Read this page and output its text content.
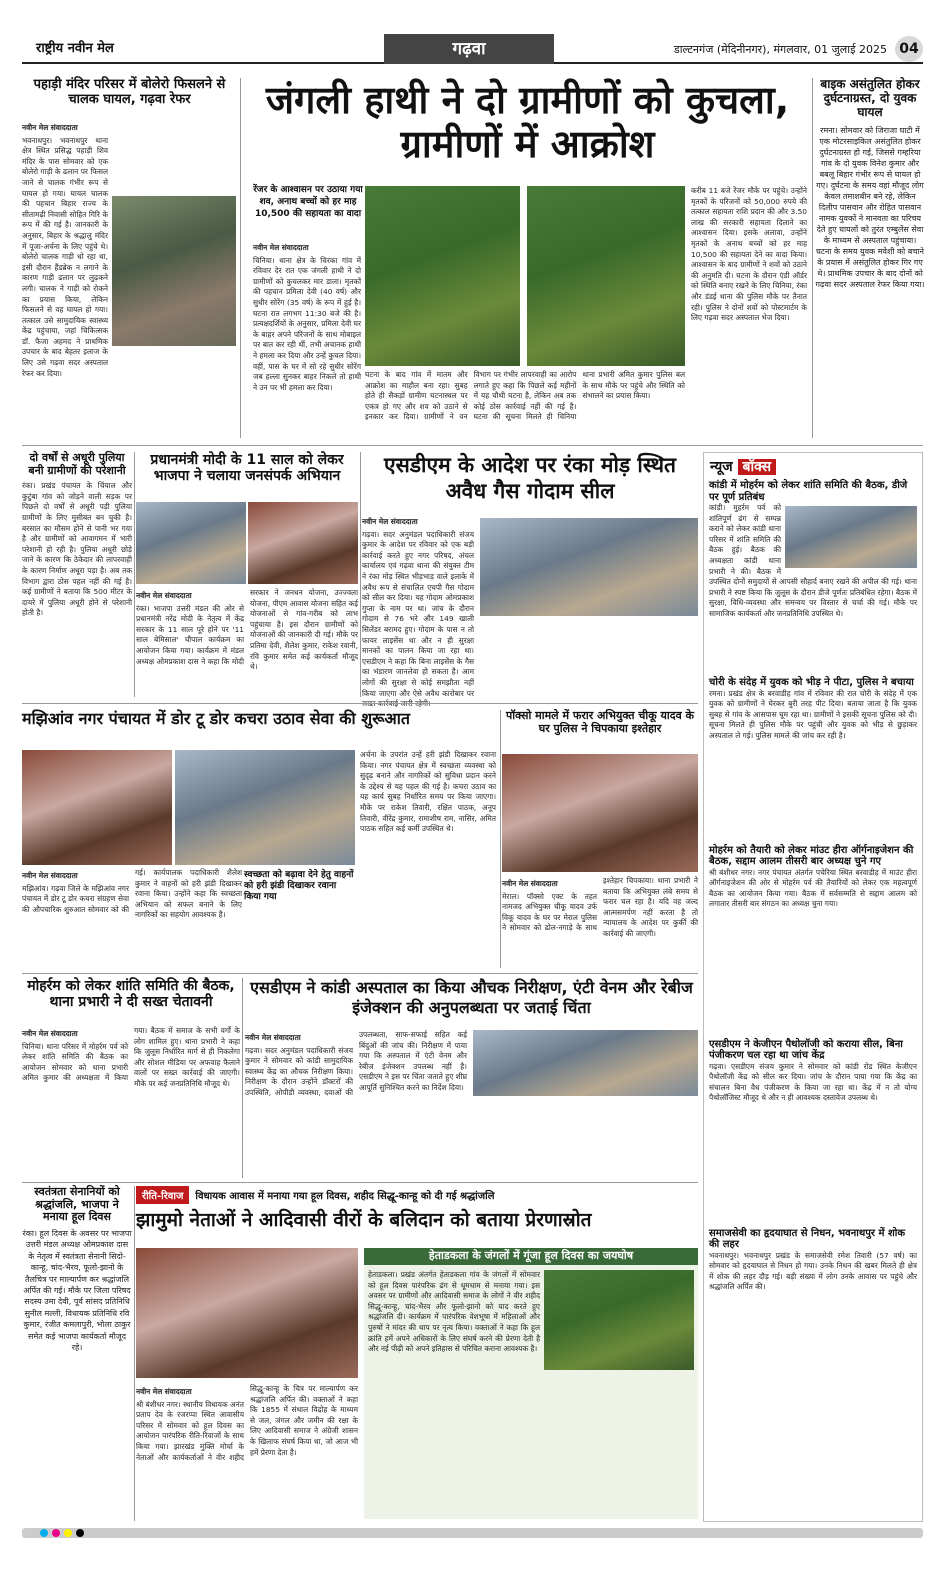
राष्ट्रीय नवीन मेल	गढ़वा	डाल्टनगंज (मेदिनीनगर), मंगलवार, 01 जुलाई 2025 04
पहाड़ी मंदिर परिसर में बोलेरो फिसलने से चालक घायल, गढ़वा रेफर
नवीन मेल संवाददाता
भवनाथपुर। भवनाथपुर थाना क्षेत्र स्थित प्रसिद्ध पहाड़ी शिव मंदिर के पास सोमवार को एक बोलेरो गाड़ी के ढलान पर फिसल जाने से चालक गंभीर रूप से घायल हो गया। घायल चालक की पहचान बिहार राज्य के सीतामढ़ी निवासी सोहित गिरि के रूप में की गई है। जानकारी के अनुसार, बिहार के श्रद्धालु मंदिर में पूजा-अर्चना के लिए पहुंचे थे। बोलेरो चालक गाड़ी धो रहा था, इसी दौरान हैंडब्रेक न लगाने के कारण गाड़ी ढलान पर लुढ़कने लगी। चालक ने गाड़ी को रोकने का प्रयास किया, लेकिन फिसलने से वह घायल हो गया। तत्काल उसे सामुदायिक स्वास्थ्य केंद्र पहुंचाया, जहां चिकित्सक डॉ. फैजा अहमद ने प्राथमिक उपचार के बाद बेहतर इलाज के लिए उसे गढ़वा सदर अस्पताल रेफर कर दिया।
जंगली हाथी ने दो ग्रामीणों को कुचला, ग्रामीणों में आक्रोश
रेंजर के आश्वासन पर उठाया गया शव, अनाथ बच्चों को हर माह 10,500 की सहायता का वादा
नवीन मेल संवाददाता
चिनिया। थाना क्षेत्र के चिरका गांव में रविवार देर रात एक जंगली हाथी ने दो ग्रामीणों को कुचलकर मार डाला। मृतकों की पहचान प्रमिला देवी (40 वर्ष) और सुधीर सोरेंग (35 वर्ष) के रूप में हुई है। घटना रात लगभग 11:30 बजे की है। प्रत्यक्षदर्शियों के अनुसार, प्रमिला देवी घर के बाहर अपने परिजनों के साथ मोबाइल पर बात कर रही थीं, तभी अचानक हाथी ने हमला कर दिया और उन्हें कुचल दिया। वहीं, पास के घर में सो रहे सुधीर सोरेंग जब हल्ला सुनकर बाहर निकले तो हाथी ने उन पर भी हमला कर दिया।
घटना के बाद गांव में मातम और आक्रोश का माहौल बना रहा। सुबह होते ही सैकड़ों ग्रामीण घटनास्थल पर एकत्र हो गए और शव को उठाने से इनकार कर दिया। ग्रामीणों ने वन विभाग पर गंभीर लापरवाही का आरोप लगाते हुए कहा कि पिछले कई महीनों में यह चौथी घटना है, लेकिन अब तक कोई ठोस कार्रवाई नहीं की गई है। घटना की सूचना मिलते ही चिनिया थाना प्रभारी अमित कुमार पुलिस बल के साथ मौके पर पहुंचे और स्थिति को संभालने का प्रयास किया।
करीब 11 बजे रेंजर मौके पर पहुंचे। उन्होंने मृतकों के परिजनों को 50,000 रुपये की तत्काल सहायता राशि प्रदान की और 3.50 लाख की सरकारी सहायता दिलाने का आश्वासन दिया। इसके अलावा, उन्होंने मृतकों के अनाथ बच्चों को हर माह 10,500 की सहायता देने का वादा किया। आश्वासन के बाद ग्रामीणों ने शवों को उठाने की अनुमति दी। घटना के दौरान एंडी ऑर्डर को स्थिति बनाए रखने के लिए चिनिया, रंका और डंडई थाना की पुलिस मौके पर तैनात रही। पुलिस ने दोनों शवों को पोस्टमार्टम के लिए गढ़वा सदर अस्पताल भेज दिया।
बाइक असंतुलित होकर दुर्घटनाग्रस्त, दो युवक घायल
रमना। सोमवार को जिराजा घाटी में एक मोटरसाइकिल असंतुलित होकर दुर्घटनाग्रस्त हो गई, जिससे गम्हरिया गांव के दो युवक विनेश कुमार और बबलू बिहार गंभीर रूप से घायल हो गए। दुर्घटना के समय वहां मौजूद लोग केवल तमाशबीन बने रहे, लेकिन दिलीप पासवान और रोहित पासवान नामक युवकों ने मानवता का परिचय देते हुए घायलों को तुरंत एम्बुलेंस सेवा के माध्यम से अस्पताल पहुंचाया। घटना के समय युवक मवेशी को बचाने के प्रयास में असंतुलित होकर गिर गए थे। प्राथमिक उपचार के बाद दोनों को गढ़वा सदर अस्पताल रेफर किया गया।
दो वर्षों से अधूरी पुलिया बनी ग्रामीणों की परेशानी
रंका। प्रखंड पंचायत के चिंयाल और कुटुंबा गांव को जोड़ने वाली सड़क पर पिछले दो वर्षों से अधूरी पड़ी पुलिया ग्रामीणों के लिए मुसीबत बन चुकी है। बरसात का मौसम होने से पानी भर गया है और ग्रामीणों को आवागमन में भारी परेशानी हो रही है। पुलिया अधूरी छोड़े जाने के कारण कि ठेकेदार की लापरवाही के कारण निर्माण अधूरा पड़ा है। अब तक विभाग द्वारा ठोस पहल नहीं की गई है। कई ग्रामीणों ने बताया कि 500 मीटर के दायरे में पुलिया अधूरी होने से परेशानी होती है।
प्रधानमंत्री मोदी के 11 साल को लेकर भाजपा ने चलाया जनसंपर्क अभियान
नवीन मेल संवाददाता
रंका। भाजपा उत्तरी मंडल की ओर से प्रधानमंत्री नरेंद्र मोदी के नेतृत्व में केंद्र सरकार के 11 साल पूरे होने पर '11 साल बेमिसाल' चौपाल कार्यक्रम का आयोजन किया गया। कार्यक्रम में मंडल अध्यक्ष ओमप्रकाश दास ने कहा कि मोदी सरकार ने जनधन योजना, उज्ज्वला योजना, पीएम आवास योजना सहित कई योजनाओं से गांव-गरीब को लाभ पहुंचाया है। इस दौरान ग्रामीणों को योजनाओं की जानकारी दी गई। मौके पर प्रतिमा देवी, शैलेश कुमार, राकेश रवानी, रवि कुमार समेत कई कार्यकर्ता मौजूद थे।
एसडीएम के आदेश पर रंका मोड़ स्थित अवैध गैस गोदाम सील
नवीन मेल संवाददाता
गढ़वा। सदर अनुमंडल पदाधिकारी संजय कुमार के आदेश पर रविवार को एक बड़ी कार्रवाई करते हुए नगर परिषद, अंचल कार्यालय एवं गढ़वा थाना की संयुक्त टीम ने रंका मोड़ स्थित भीड़भाड़ वाले इलाके में अवैध रूप से संचालित एचपी गैस गोदाम को सील कर दिया। यह गोदाम ओमप्रकाश गुप्ता के नाम पर था। जांच के दौरान गोदाम से 76 भरे और 149 खाली सिलेंडर बरामद हुए। गोदाम के पास न तो फायर लाइसेंस था और न ही सुरक्षा मानकों का पालन किया जा रहा था। एसडीएम ने कहा कि बिना लाइसेंस के गैस का भंडारण जानलेवा हो सकता है। आम लोगों की सुरक्षा से कोई समझौता नहीं किया जाएगा और ऐसे अवैध कारोबार पर
न्यूज बॉक्स
कांडी में मोहर्रम को लेकर शांति समिति की बैठक, डीजे पर पूर्ण प्रतिबंध
कांडी। मुहर्रम पर्व को शांतिपूर्ण ढंग से सम्पन्न कराने को लेकर कांडी थाना परिसर में शांति समिति की बैठक हुई। बैठक की अध्यक्षता कांडी थाना प्रभारी ने की। बैठक में उपस्थित दोनों समुदायों से आपसी सौहार्द बनाए रखने की अपील की गई। थाना प्रभारी ने स्पष्ट किया कि जुलूस के दौरान डीजे पूर्णतः प्रतिबंधित रहेगा। बैठक में सुरक्षा, विधि-व्यवस्था और समन्वय पर विस्तार से चर्चा की गई। मौके पर सामाजिक कार्यकर्ता और जनप्रतिनिधि उपस्थित थे।
चोरी के संदेह में युवक को भीड़ ने पीटा, पुलिस ने बचाया
रमना। प्रखंड क्षेत्र के बरवाडीह गांव में रविवार की रात चोरी के संदेह में एक युवक को ग्रामीणों ने घेरकर बुरी तरह पीट दिया। बताया जाता है कि युवक सुबह से गांव के आसपास घूम रहा था। ग्रामीणों ने इसकी सूचना पुलिस को दी। सूचना मिलते ही पुलिस मौके पर पहुंची और युवक को भीड़ से छुड़ाकर अस्पताल ले गई। पुलिस मामले की जांच कर रही है।
मोहर्रम को तैयारी को लेकर मांउट हीरा ऑर्गनाइजेशन की बैठक, सद्दाम आलम तीसरी बार अध्यक्ष चुने गए
श्री बंशीधर नगर। नगर पंचायत अंतर्गत पचेरिया स्थित बरवाडीह में माउंट हीरा ऑर्गनाइजेशन की ओर से मोहर्रम पर्व की तैयारियों को लेकर एक महत्वपूर्ण बैठक का आयोजन किया गया। बैठक में सर्वसम्मति से सद्दाम आलम को लगातार तीसरी बार संगठन का अध्यक्ष चुना गया।
एसडीएम ने केजीएन पैथोलॉजी को कराया सील, बिना पंजीकरण चल रहा था जांच केंद्र
गढ़वा। एसडीएम संजय कुमार ने सोमवार को कांडी रोड स्थित केजीएन पैथोलॉजी केंद्र को सील कर दिया। जांच के दौरान पाया गया कि केंद्र का संचालन बिना वैध पंजीकरण के किया जा रहा था। केंद्र में न तो योग्य पैथोलॉजिस्ट मौजूद थे और न ही आवश्यक दस्तावेज उपलब्ध थे।
समाजसेवी का हृदयाघात से निधन, भवनाथपुर में शोक की लहर
भवनाथपुर। भवनाथपुर प्रखंड के समाजसेवी रमेश तिवारी (57 वर्ष) का सोमवार को हृदयाघात से निधन हो गया। उनके निधन की खबर मिलते ही क्षेत्र में शोक की लहर दौड़ गई। बड़ी संख्या में लोग उनके आवास पर पहुंचे और श्रद्धांजलि अर्पित की।
मझिआंव नगर पंचायत में डोर टू डोर कचरा उठाव सेवा की शुरूआत
नवीन मेल संवाददाता
मझिआंव। गढ़वा जिले के मझिआंव नगर पंचायत में डोर टू डोर कचरा संग्रहण सेवा की औपचारिक शुरुआत सोमवार को की गई। कार्यपालक पदाधिकारी शैलेश कुमार ने वाहनों को हरी झंडी दिखाकर रवाना किया। उन्होंने कहा कि स्वच्छता अभियान को सफल बनाने के लिए नागरिकों का सहयोग आवश्यक है।
स्वच्छता को बढ़ावा देने हेतु वाहनों को हरी झंडी दिखाकर रवाना किया गया
अर्चना के उपरांत उन्हें हरी झंडी दिखाकर रवाना किया। नगर पंचायत क्षेत्र में स्वच्छता व्यवस्था को सुदृढ़ बनाने और नागरिकों को सुविधा प्रदान करने के उद्देश्य से यह पहल की गई है। कचरा उठाव का यह कार्य सुबह निर्धारित समय पर किया जाएगा। मौके पर राकेश तिवारी, रक्षित पाठक, अनूप तिवारी, वीरेंद्र कुमार, रामाशीष राम, नासिर, अमित पाठक सहित कई कर्मी उपस्थित थे।
पॉक्सो मामले में फरार अभियुक्त चीकू यादव के घर पुलिस ने चिपकाया इश्तेहार
नवीन मेल संवाददाता
मेराल। पॉक्सो एक्ट के तहत नामजद अभियुक्त चीकू यादव उर्फ विकू यादव के घर पर मेराल पुलिस ने सोमवार को ढोल-नगाड़े के साथ इश्तेहार चिपकाया। थाना प्रभारी ने बताया कि अभियुक्त लंबे समय से फरार चल रहा है। यदि वह जल्द आत्मसमर्पण नहीं करता है तो न्यायालय के आदेश पर कुर्की की कार्रवाई की जाएगी।
मोहर्रम को लेकर शांति समिति की बैठक, थाना प्रभारी ने दी सख्त चेतावनी
नवीन मेल संवाददाता
चिनिया। थाना परिसर में मोहर्रम पर्व को लेकर शांति समिति की बैठक का आयोजन सोमवार को थाना प्रभारी अमित कुमार की अध्यक्षता में किया गया। बैठक में समाज के सभी वर्गों के लोग शामिल हुए। थाना प्रभारी ने कहा कि जुलूस निर्धारित मार्ग से ही निकलेगा और सोशल मीडिया पर अफवाह फैलाने वालों पर सख्त कार्रवाई की जाएगी। मौके पर कई जनप्रतिनिधि मौजूद थे।
एसडीएम ने कांडी अस्पताल का किया औचक निरीक्षण, एंटी वेनम और रेबीज इंजेक्शन की अनुपलब्धता पर जताई चिंता
नवीन मेल संवाददाता
गढ़वा। सदर अनुमंडल पदाधिकारी संजय कुमार ने सोमवार को कांडी सामुदायिक स्वास्थ्य केंद्र का औचक निरीक्षण किया। निरीक्षण के दौरान उन्होंने डॉक्टरों की उपस्थिति, ओपीडी व्यवस्था, दवाओं की उपलब्धता, साफ-सफाई सहित कई बिंदुओं की जांच की। निरीक्षण में पाया गया कि अस्पताल में एंटी वेनम और रेबीज इंजेक्शन उपलब्ध नहीं है। एसडीएम ने इस पर चिंता जताते हुए शीघ्र आपूर्ति सुनिश्चित करने का निर्देश दिया।
स्वतंत्रता सेनानियों को श्रद्धांजलि, भाजपा ने मनाया हूल दिवस
रंका। हूल दिवस के अवसर पर भाजपा उत्तरी मंडल अध्यक्ष ओमप्रकाश दास के नेतृत्व में स्वतंत्रता सेनानी सिदो-कान्हू, चांद-भैरव, फूलो-झानो के तैलचित्र पर माल्यार्पण कर श्रद्धांजलि अर्पित की गई। मौके पर जिला परिषद सदस्य उमा देवी, पूर्व सांसद प्रतिनिधि सुनील मल्ली, विधायक प्रतिनिधि रवि कुमार, रंजीत कमलापुरी, भोला ठाकुर समेत कई भाजपा कार्यकर्ता मौजूद रहे।
रीति-रिवाज	विधायक आवास में मनाया गया हूल दिवस, शहीद सिद्धू-कान्हू को दी गई श्रद्धांजलि
झामुमो नेताओं ने आदिवासी वीरों के बलिदान को बताया प्रेरणास्रोत
नवीन मेल संवाददाता
श्री बंशीधर नगर। स्थानीय विधायक अनंत प्रताप देव के रजरप्पा स्थित आवासीय परिसर में सोमवार को हूल दिवस का आयोजन पारंपरिक रीति-रिवाजों के साथ किया गया। झारखंड मुक्ति मोर्चा के नेताओं और कार्यकर्ताओं ने वीर शहीद सिद्धू-कान्हू के चित्र पर माल्यार्पण कर श्रद्धांजलि अर्पित की। वक्ताओं ने कहा कि 1855 में संथाल विद्रोह के माध्यम से जल, जंगल और जमीन की रक्षा के लिए आदिवासी समाज ने अंग्रेजी शासन के खिलाफ संघर्ष किया था, जो आज भी हमें प्रेरणा देता है।
हेताडकला के जंगलों में गूंजा हूल दिवस का जयघोष
हेताडकला। प्रखंड अंतर्गत हेताडकला गांव के जंगलों में सोमवार को हूल दिवस पारंपरिक ढंग से धूमधाम से मनाया गया। इस अवसर पर ग्रामीणों और आदिवासी समाज के लोगों ने वीर शहीद सिद्धू-कान्हू, चांद-भैरव और फूलो-झानो को याद करते हुए श्रद्धांजलि दी। कार्यक्रम में पारंपरिक वेशभूषा में महिलाओं और पुरुषों ने मांदर की थाप पर नृत्य किया। वक्ताओं ने कहा कि हूल क्रांति हमें अपने अधिकारों के लिए संघर्ष करने की प्रेरणा देती है और नई पीढ़ी को अपने इतिहास से परिचित कराना आवश्यक है।
